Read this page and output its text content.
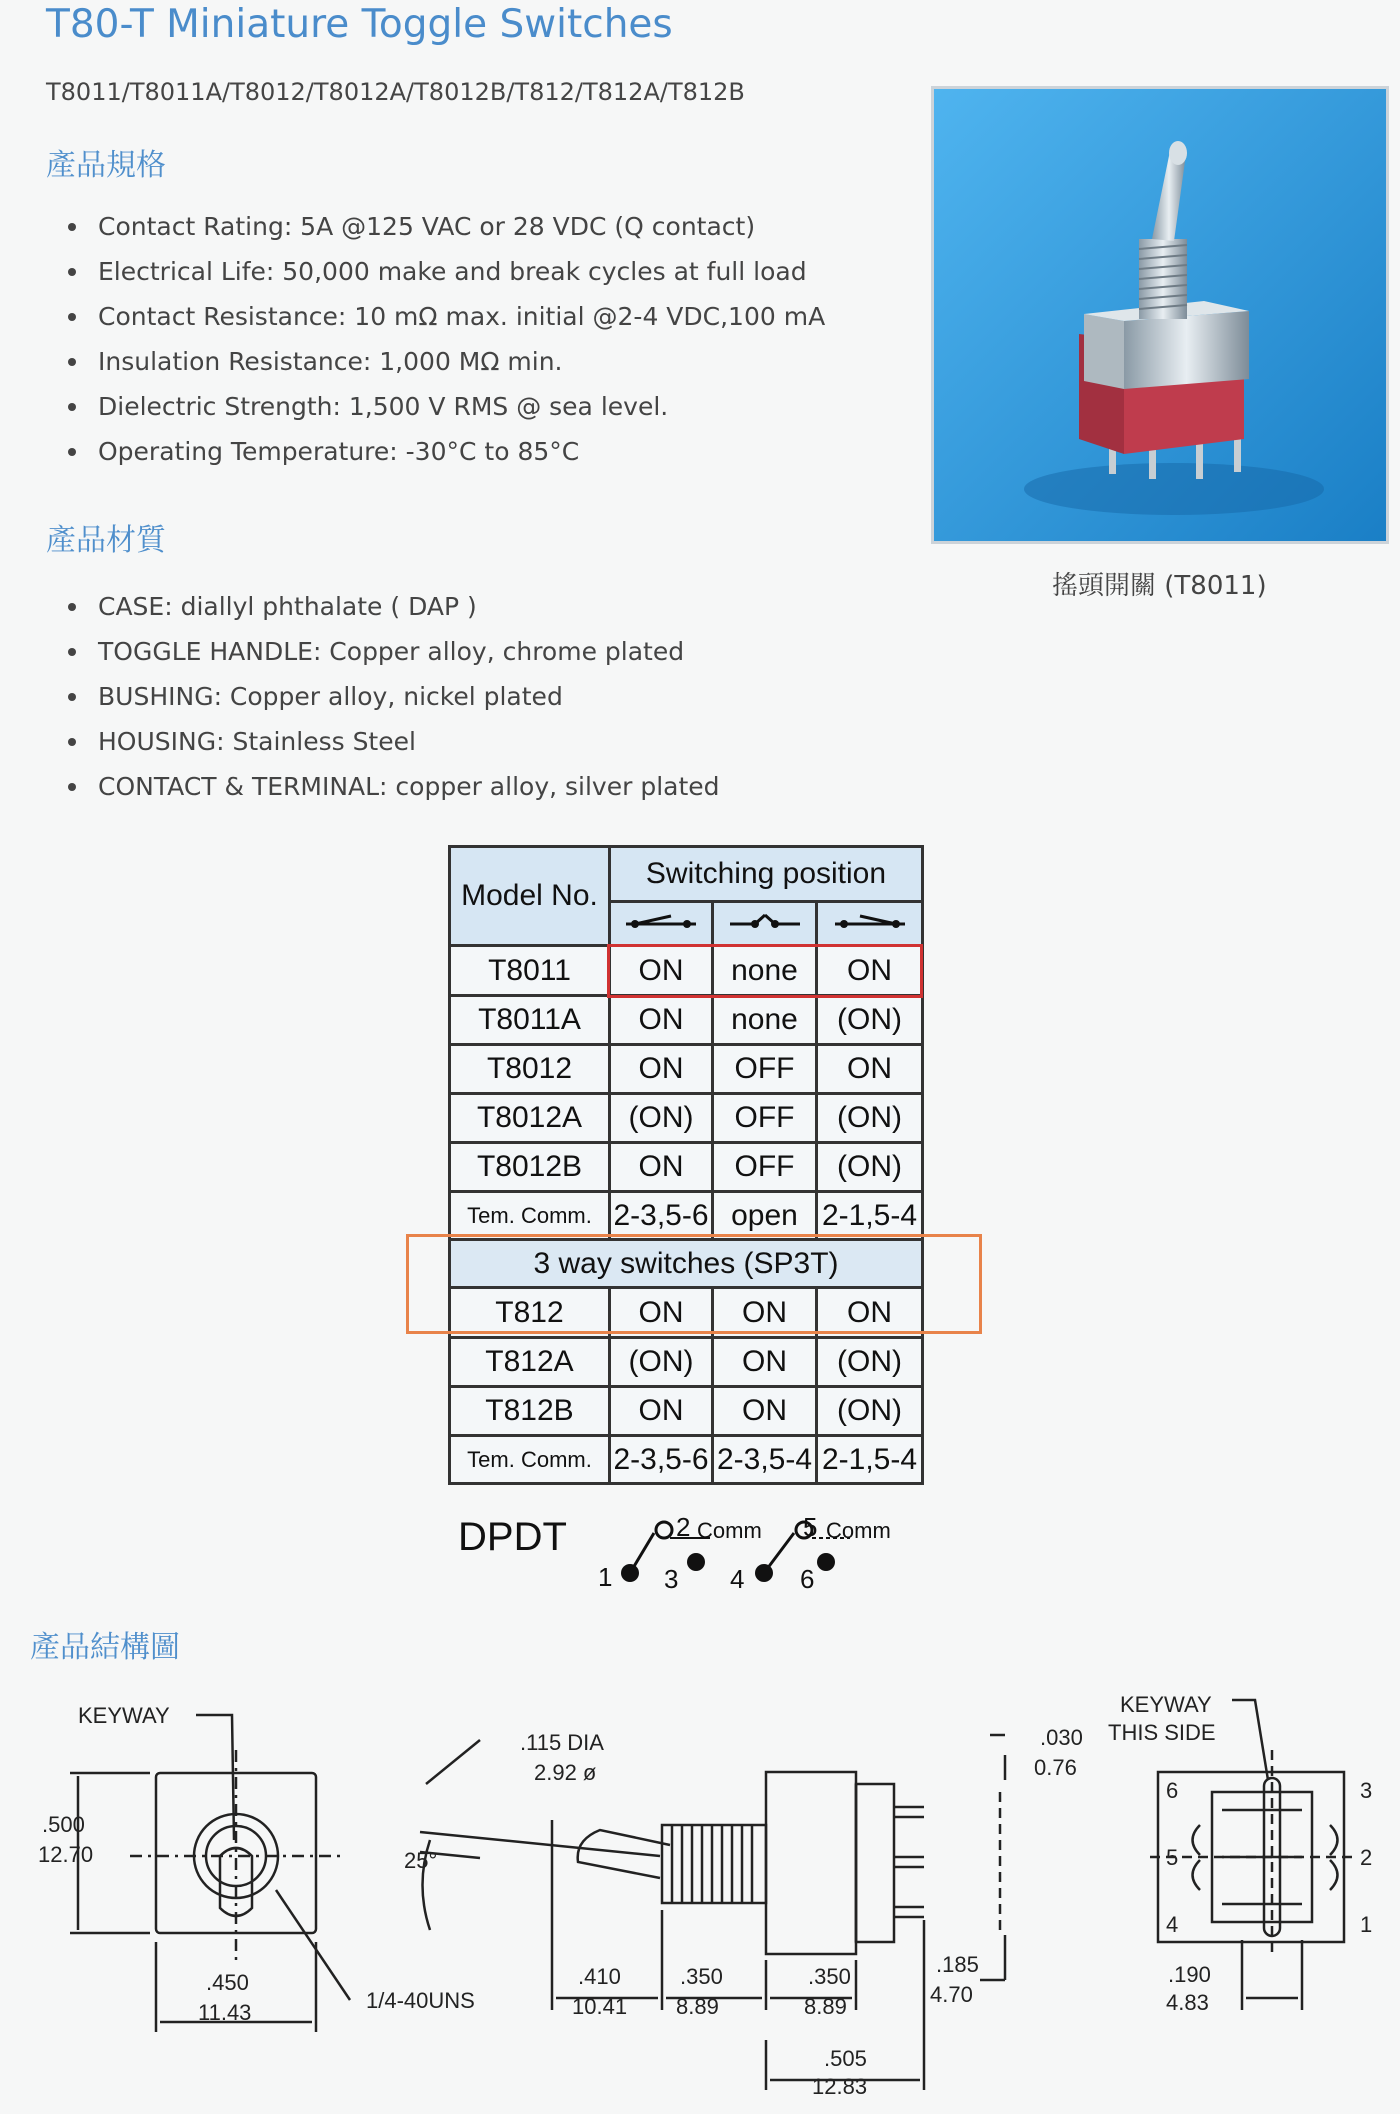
T80-T Miniature Toggle Switches
T8011/T8011A/T8012/T8012A/T8012B/T812/T812A/T812B
產品規格
Contact Rating: 5A @125 VAC or 28 VDC (Q contact)
Electrical Life: 50,000 make and break cycles at full load
Contact Resistance: 10 mΩ max. initial @2-4 VDC,100 mA
Insulation Resistance: 1,000 MΩ min.
Dielectric Strength: 1,500 V RMS @ sea level.
Operating Temperature: -30°C to 85°C
產品材質
CASE: diallyl phthalate ( DAP )
TOGGLE HANDLE: Copper alloy, chrome plated
BUSHING: Copper alloy, nickel plated
HOUSING: Stainless Steel
CONTACT & TERMINAL: copper alloy, silver plated
搖頭開關 (T8011)
Model No.	Switching position		

T8011	ON	none	ON
T8011A	ON	none	(ON)
T8012	ON	OFF	ON
T8012A	(ON)	OFF	(ON)
T8012B	ON	OFF	(ON)
Tem. Comm.	2-3,5-6	open	2-1,5-4
3 way switches (SP3T)			
T812	ON	ON	ON
T812A	(ON)	ON	(ON)
T812B	ON	ON	(ON)
Tem. Comm.	2-3,5-6	2-3,5-4	2-1,5-4
DPDT
1
2
3 4
5
6
Comm	Comm
產品結構圖
KEYWAY
.500
12.70
.450
11.43	1/4-40UNS
.115 DIA
2.92 ø
25°
.410
10.41
.350
8.89
.350
8.89
.505
12.83
.030
0.76
.185
4.70
KEYWAY
THIS SIDE
.190
4.83
6
5
4
3
2
1
